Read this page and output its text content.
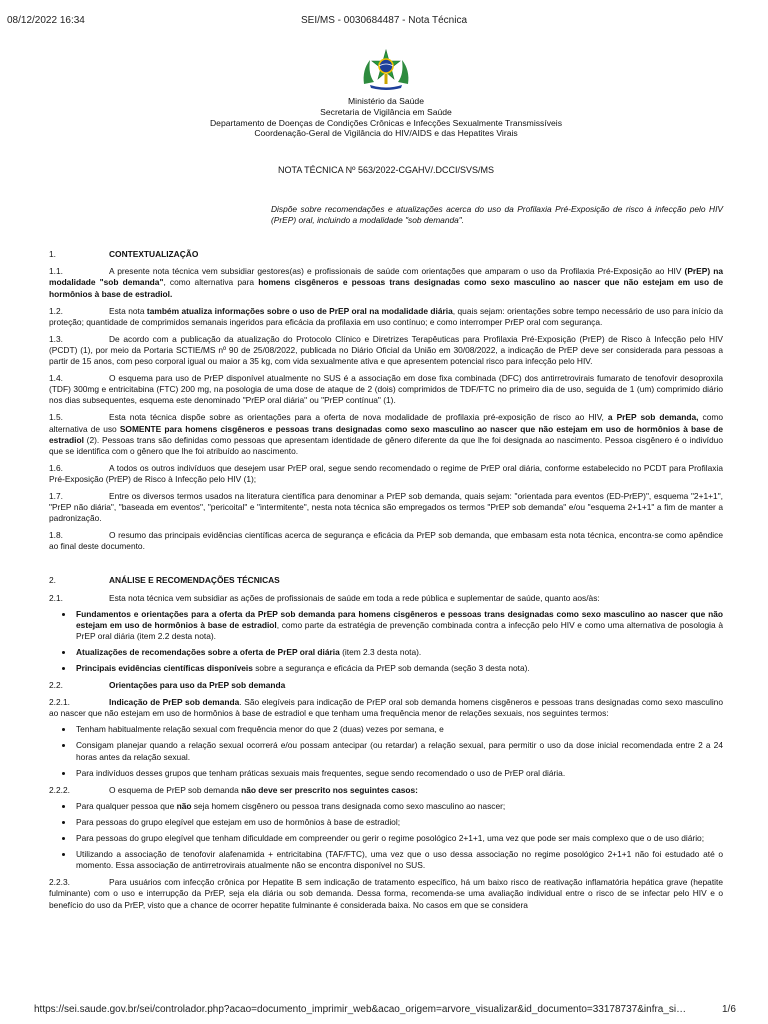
08/12/2022 16:34	SEI/MS - 0030684487 - Nota Técnica
Ministério da Saúde
Secretaria de Vigilância em Saúde
Departamento de Doenças de Condições Crônicas e Infecções Sexualmente Transmissíveis
Coordenação-Geral de Vigilância do HIV/AIDS e das Hepatites Virais
NOTA TÉCNICA Nº 563/2022-CGAHV/.DCCI/SVS/MS
Dispõe sobre recomendações e atualizações acerca do uso da Profilaxia Pré-Exposição de risco à infecção pelo HIV (PrEP) oral, incluindo a modalidade "sob demanda".
1.	CONTEXTUALIZAÇÃO
1.1.	A presente nota técnica vem subsidiar gestores(as) e profissionais de saúde com orientações que amparam o uso da Profilaxia Pré-Exposição ao HIV (PrEP) na modalidade "sob demanda", como alternativa para homens cisgêneros e pessoas trans designadas como sexo masculino ao nascer que não estejam em uso de hormônios à base de estradiol.
1.2.	Esta nota também atualiza informações sobre o uso de PrEP oral na modalidade diária, quais sejam: orientações sobre tempo necessário de uso para início da proteção; quantidade de comprimidos semanais ingeridos para eficácia da profilaxia em uso contínuo; e como interromper PrEP oral com segurança.
1.3.	De acordo com a publicação da atualização do Protocolo Clínico e Diretrizes Terapêuticas para Profilaxia Pré-Exposição (PrEP) de Risco à Infecção pelo HIV (PCDT) (1), por meio da Portaria SCTIE/MS nº 90 de 25/08/2022, publicada no Diário Oficial da União em 30/08/2022, a indicação de PrEP deve ser considerada para pessoas a partir de 15 anos, com peso corporal igual ou maior a 35 kg, com vida sexualmente ativa e que apresentem potencial risco para infecção pelo HIV.
1.4.	O esquema para uso de PrEP disponível atualmente no SUS é a associação em dose fixa combinada (DFC) dos antirretrovirais fumarato de tenofovir desoproxila (TDF) 300mg e entricitabina (FTC) 200 mg, na posologia de uma dose de ataque de 2 (dois) comprimidos de TDF/FTC no primeiro dia de uso, seguida de 1 (um) comprimido diário nos dias subsequentes, esquema este denominado "PrEP oral diária" ou "PrEP contínua" (1).
1.5.	Esta nota técnica dispõe sobre as orientações para a oferta de nova modalidade de profilaxia pré-exposição de risco ao HIV, a PrEP sob demanda, como alternativa de uso SOMENTE para homens cisgêneros e pessoas trans designadas como sexo masculino ao nascer que não estejam em uso de hormônios à base de estradiol (2). Pessoas trans são definidas como pessoas que apresentam identidade de gênero diferente da que lhe foi designada ao nascimento. Pessoa cisgênero é o indivíduo que se identifica com o gênero que lhe foi atribuído ao nascimento.
1.6.	A todos os outros indivíduos que desejem usar PrEP oral, segue sendo recomendado o regime de PrEP oral diária, conforme estabelecido no PCDT para Profilaxia Pré-Exposição (PrEP) de Risco à Infecção pelo HIV (1);
1.7.	Entre os diversos termos usados na literatura científica para denominar a PrEP sob demanda, quais sejam: "orientada para eventos (ED-PrEP)", esquema "2+1+1", "PrEP não diária", "baseada em eventos", "pericoital" e "intermitente", nesta nota técnica são empregados os termos "PrEP sob demanda" e/ou "esquema 2+1+1" a fim de manter a padronização.
1.8.	O resumo das principais evidências científicas acerca de segurança e eficácia da PrEP sob demanda, que embasam esta nota técnica, encontra-se como apêndice ao final deste documento.
2.	ANÁLISE E RECOMENDAÇÕES TÉCNICAS
2.1.	Esta nota técnica vem subsidiar as ações de profissionais de saúde em toda a rede pública e suplementar de saúde, quanto aos/às:
• Fundamentos e orientações para a oferta da PrEP sob demanda para homens cisgêneros e pessoas trans designadas como sexo masculino ao nascer que não estejam em uso de hormônios à base de estradiol, como parte da estratégia de prevenção combinada contra a infecção pelo HIV e como uma alternativa de posologia à PrEP oral diária (item 2.2 desta nota).
• Atualizações de recomendações sobre a oferta de PrEP oral diária (item 2.3 desta nota).
• Principais evidências científicas disponíveis sobre a segurança e eficácia da PrEP sob demanda (seção 3 desta nota).
2.2.	Orientações para uso da PrEP sob demanda
2.2.1.	Indicação de PrEP sob demanda. São elegíveis para indicação de PrEP oral sob demanda homens cisgêneros e pessoas trans designadas como sexo masculino ao nascer que não estejam em uso de hormônios à base de estradiol e que tenham uma frequência menor de relações sexuais, nos seguintes termos:
• Tenham habitualmente relação sexual com frequência menor do que 2 (duas) vezes por semana, e
• Consigam planejar quando a relação sexual ocorrerá e/ou possam antecipar (ou retardar) a relação sexual, para permitir o uso da dose inicial recomendada entre 2 a 24 horas antes da relação sexual.
• Para indivíduos desses grupos que tenham práticas sexuais mais frequentes, segue sendo recomendado o uso de PrEP oral diária.
2.2.2.	O esquema de PrEP sob demanda não deve ser prescrito nos seguintes casos:
• Para qualquer pessoa que não seja homem cisgênero ou pessoa trans designada como sexo masculino ao nascer;
• Para pessoas do grupo elegível que estejam em uso de hormônios à base de estradiol;
• Para pessoas do grupo elegível que tenham dificuldade em compreender ou gerir o regime posológico 2+1+1, uma vez que pode ser mais complexo que o de uso diário;
• Utilizando a associação de tenofovir alafenamida + entricitabina (TAF/FTC), uma vez que o uso dessa associação no regime posológico 2+1+1 não foi estudado até o momento. Essa associação de antirretrovirais atualmente não se encontra disponível no SUS.
2.2.3.	Para usuários com infecção crônica por Hepatite B sem indicação de tratamento específico, há um baixo risco de reativação inflamatória hepática grave (hepatite fulminante) com o uso e interrupção da PrEP, seja ela diária ou sob demanda. Dessa forma, recomenda-se uma avaliação individual entre o risco de se infectar pelo HIV e o benefício do uso da PrEP, visto que a chance de ocorrer hepatite fulminante é considerada baixa. No casos em que se considera
https://sei.saude.gov.br/sei/controlador.php?acao=documento_imprimir_web&acao_origem=arvore_visualizar&id_documento=33178737&infra_si…	1/6
